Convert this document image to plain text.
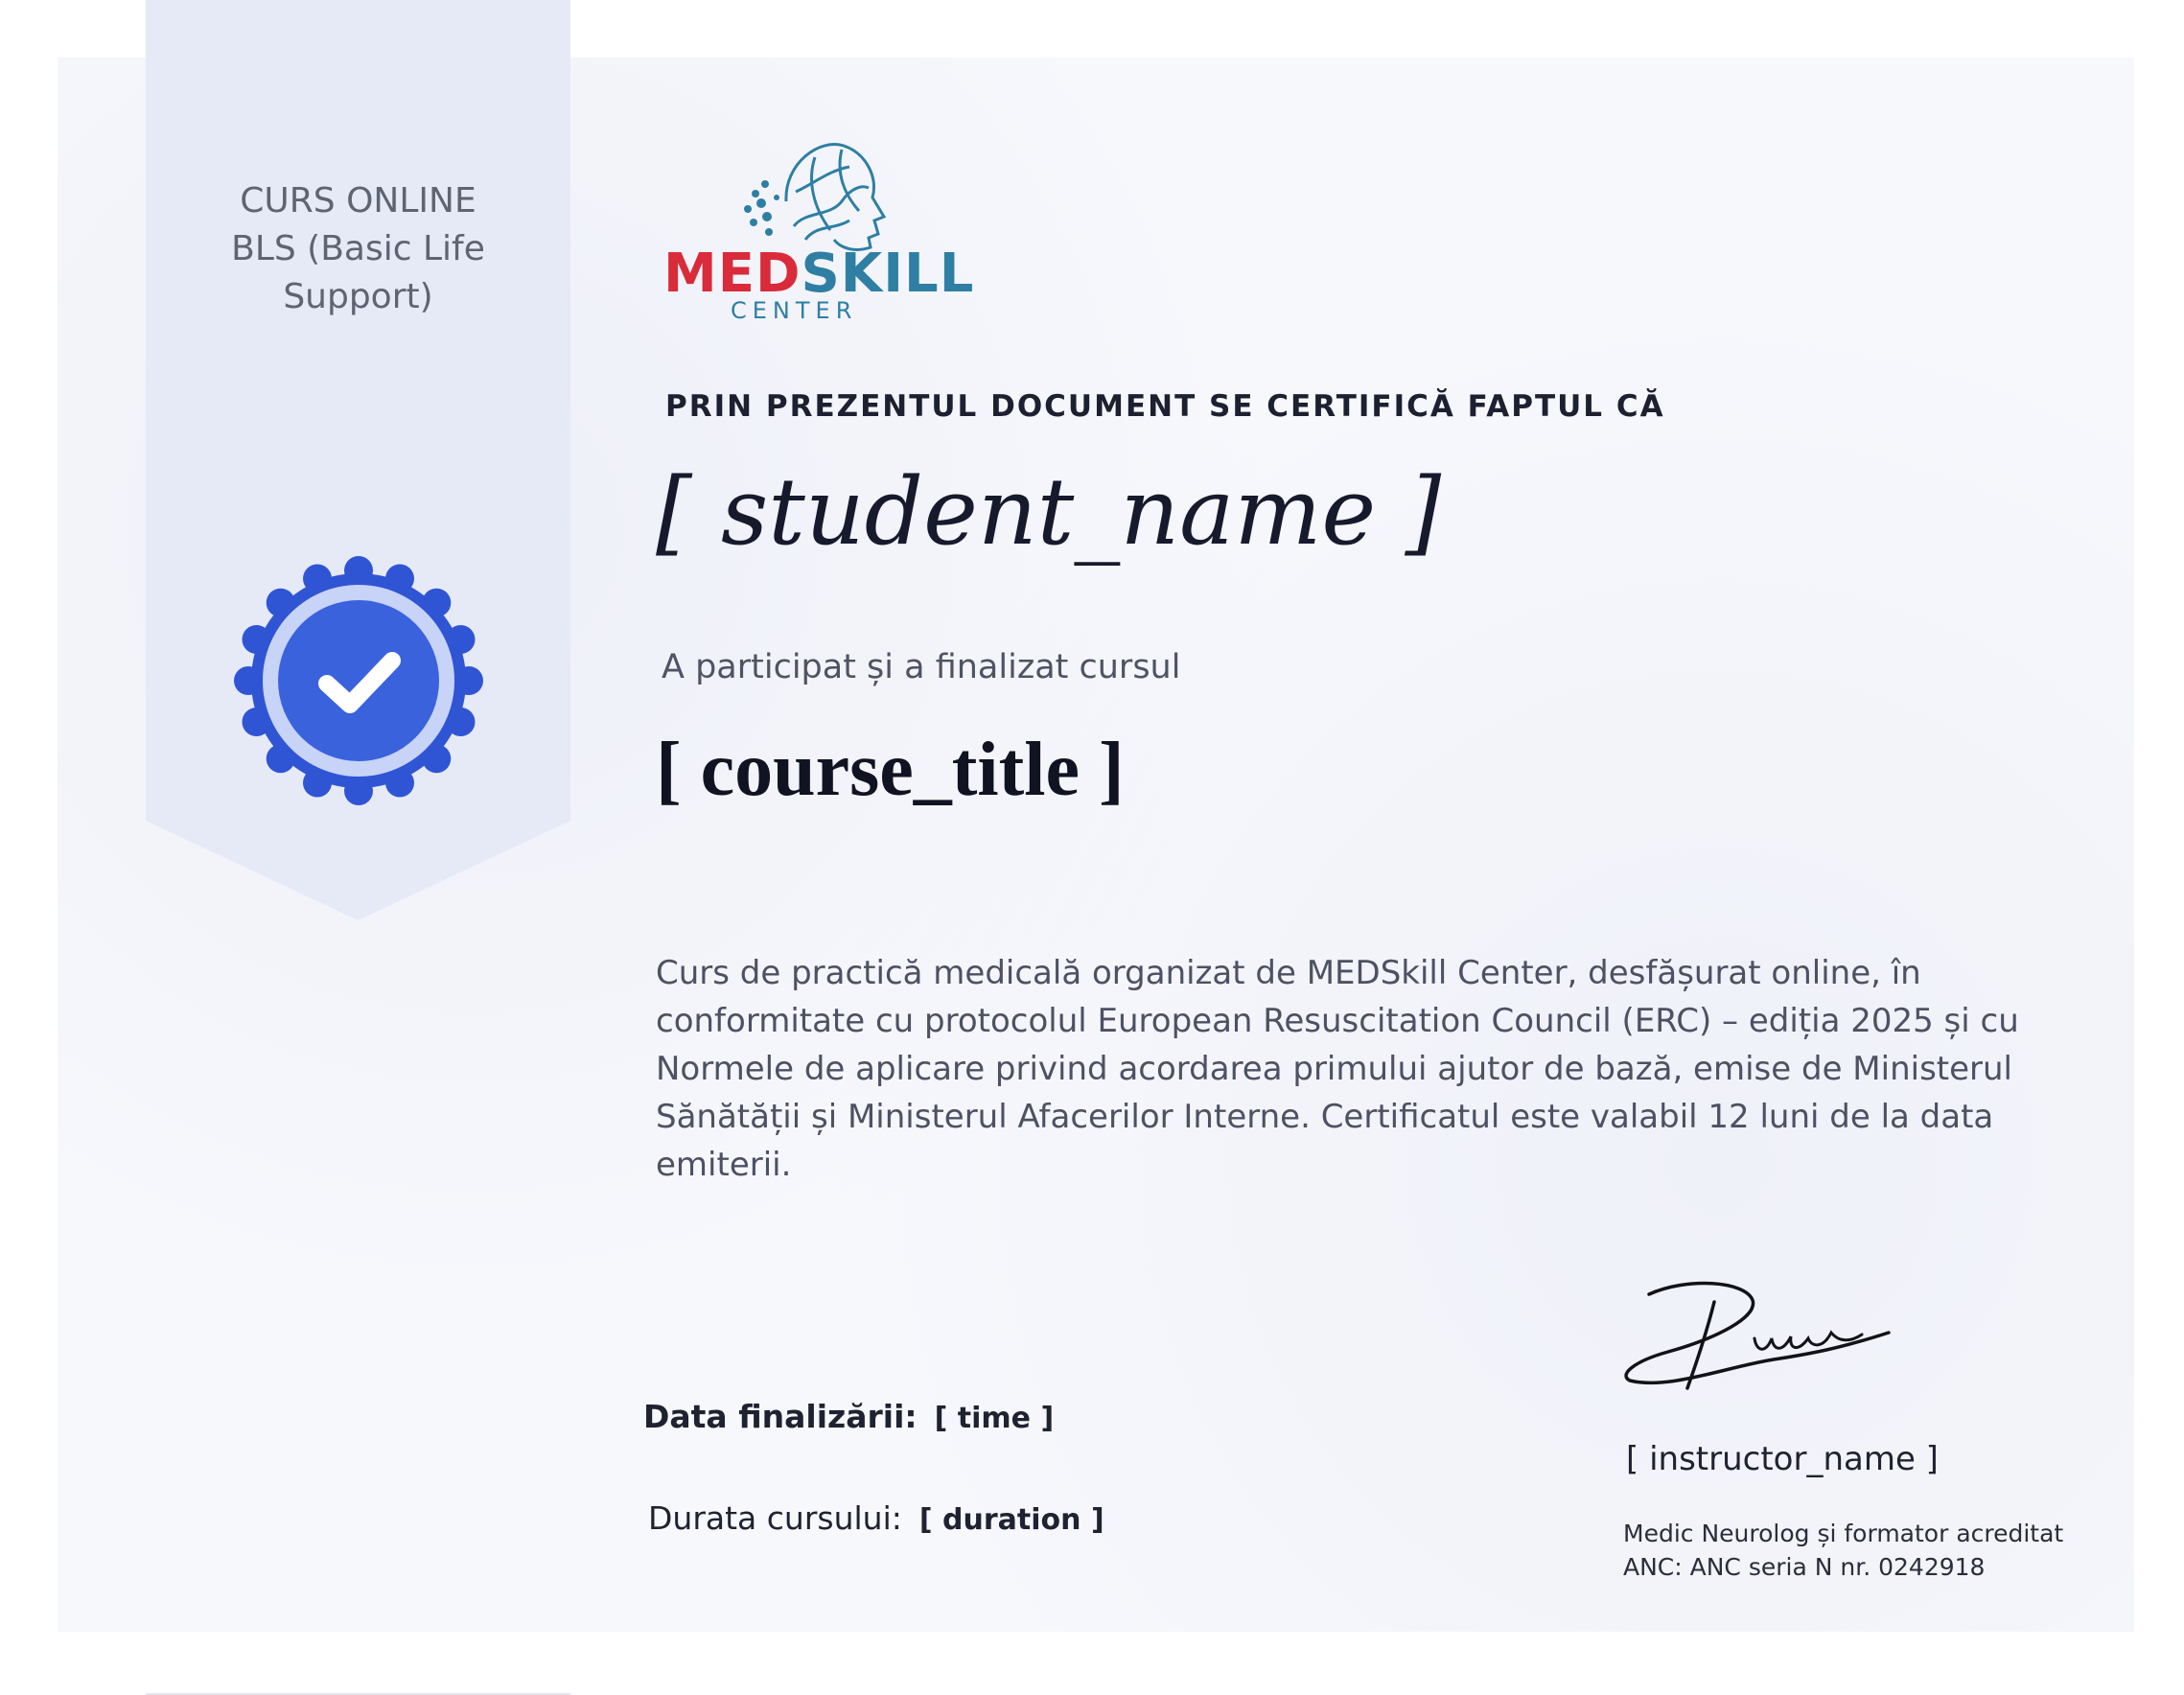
CURS ONLINE
BLS (Basic Life
Support)	MEDSKILL
CENTER
PRIN PREZENTUL DOCUMENT SE CERTIFICĂ FAPTUL CĂ
[ student_name ]
A participat și a finalizat cursul
[ course_title ]
Curs de practică medicală organizat de MEDSkill Center, desfășurat online, în conformitate cu protocolul European Resuscitation Council (ERC) – ediția 2025 și cu Normele de aplicare privind acordarea primului ajutor de bază, emise de Ministerul Sănătății și Ministerul Afacerilor Interne. Certificatul este valabil 12 luni de la data emiterii.
Data finalizării: [ time ]
Durata cursului: [ duration ]
[ instructor_name ]
Medic Neurolog și formator acreditat
ANC: ANC seria N nr. 0242918
